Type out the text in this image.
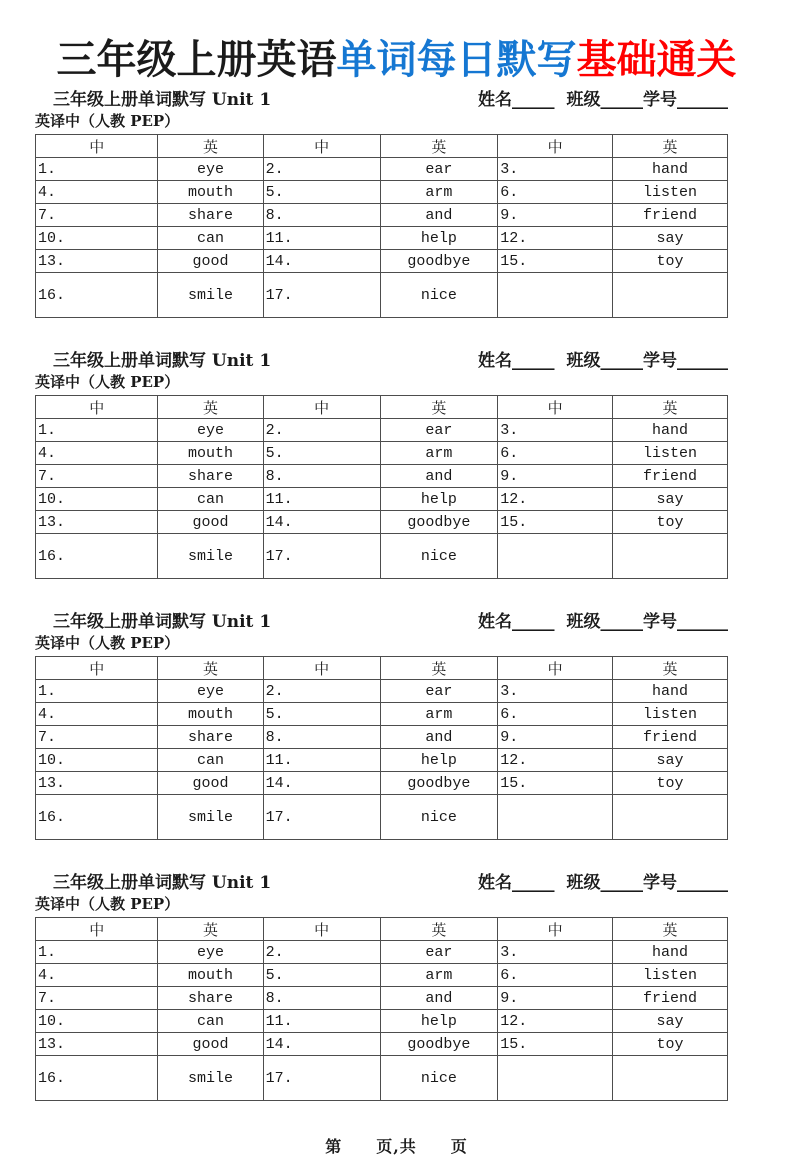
三年级上册英语单词每日默写基础通关
三年级上册单词默写 Unit 1	姓名_____ 班级_____学号______
英译中（人教 PEP）
中	英	中	英	中	英
1.	eye	2.	ear	3.	hand
4.	mouth	5.	arm	6.	listen
7.	share	8.	and	9.	friend
10.	can	11.	help	12.	say
13.	good	14.	goodbye	15.	toy
16.	smile	17.	nice		
三年级上册单词默写 Unit 1	姓名_____ 班级_____学号______
英译中（人教 PEP）
中	英	中	英	中	英
1.	eye	2.	ear	3.	hand
4.	mouth	5.	arm	6.	listen
7.	share	8.	and	9.	friend
10.	can	11.	help	12.	say
13.	good	14.	goodbye	15.	toy
16.	smile	17.	nice		
三年级上册单词默写 Unit 1	姓名_____ 班级_____学号______
英译中（人教 PEP）
中	英	中	英	中	英
1.	eye	2.	ear	3.	hand
4.	mouth	5.	arm	6.	listen
7.	share	8.	and	9.	friend
10.	can	11.	help	12.	say
13.	good	14.	goodbye	15.	toy
16.	smile	17.	nice		
三年级上册单词默写 Unit 1	姓名_____ 班级_____学号______
英译中（人教 PEP）
中	英	中	英	中	英
1.	eye	2.	ear	3.	hand
4.	mouth	5.	arm	6.	listen
7.	share	8.	and	9.	friend
10.	can	11.	help	12.	say
13.	good	14.	goodbye	15.	toy
16.	smile	17.	nice		
第　　页,共　　页
